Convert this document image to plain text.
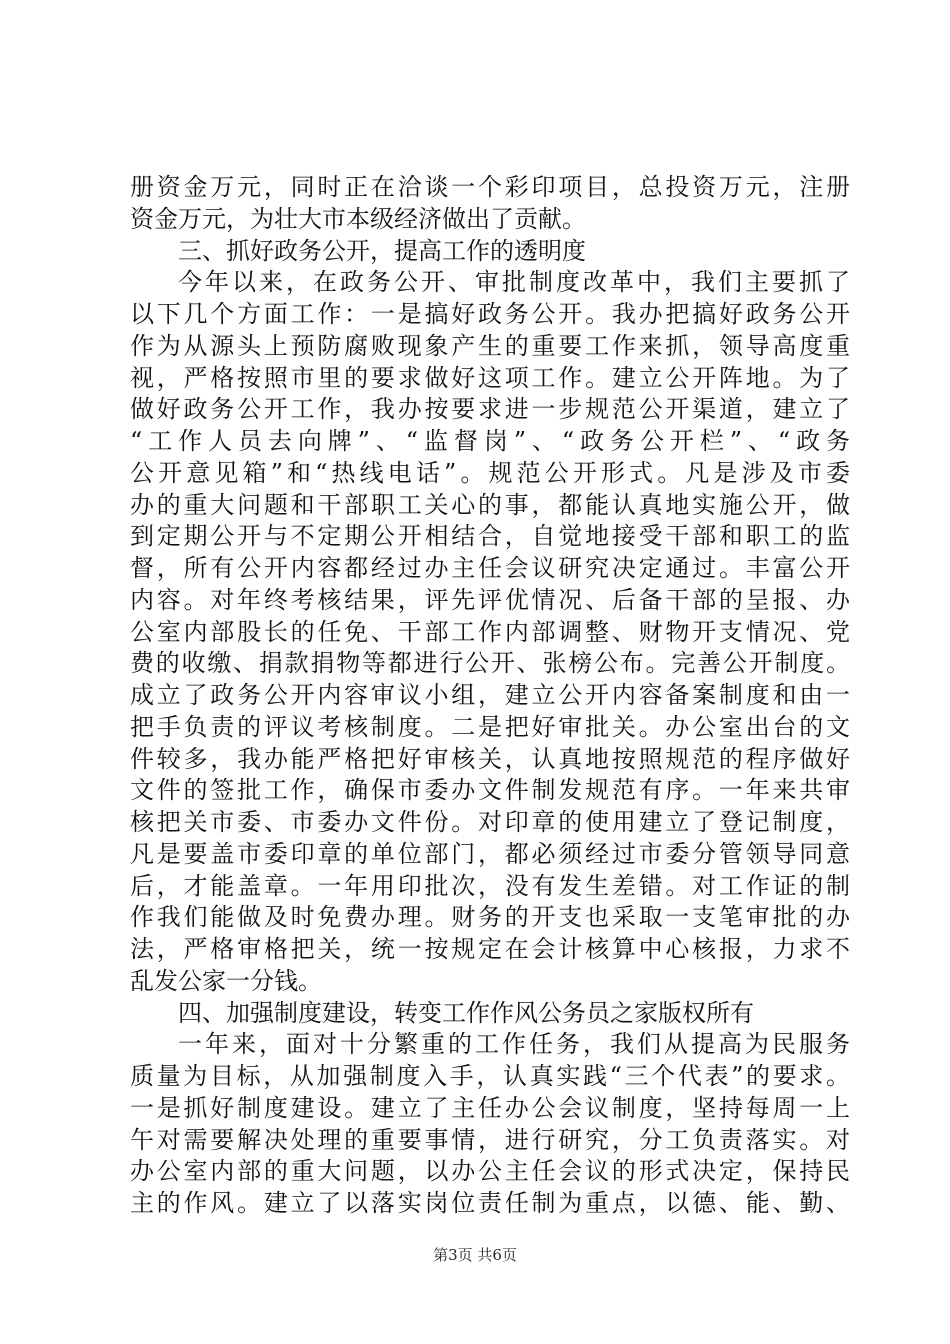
册资金万元，同时正在洽谈一个彩印项目，总投资万元，注册
资金万元，为壮大市本级经济做出了贡献。
三、抓好政务公开，提高工作的透明度
今年以来，在政务公开、审批制度改革中，我们主要抓了
以下几个方面工作：一是搞好政务公开。我办把搞好政务公开
作为从源头上预防腐败现象产生的重要工作来抓，领导高度重
视，严格按照市里的要求做好这项工作。建立公开阵地。为了
做好政务公开工作，我办按要求进一步规范公开渠道，建立了
“工作人员去向牌”、“监督岗”、“政务公开栏”、“政务
公开意见箱”和“热线电话”。规范公开形式。凡是涉及市委
办的重大问题和干部职工关心的事，都能认真地实施公开，做
到定期公开与不定期公开相结合，自觉地接受干部和职工的监
督，所有公开内容都经过办主任会议研究决定通过。丰富公开
内容。对年终考核结果，评先评优情况、后备干部的呈报、办
公室内部股长的任免、干部工作内部调整、财物开支情况、党
费的收缴、捐款捐物等都进行公开、张榜公布。完善公开制度。
成立了政务公开内容审议小组，建立公开内容备案制度和由一
把手负责的评议考核制度。二是把好审批关。办公室出台的文
件较多，我办能严格把好审核关，认真地按照规范的程序做好
文件的签批工作，确保市委办文件制发规范有序。一年来共审
核把关市委、市委办文件份。对印章的使用建立了登记制度，
凡是要盖市委印章的单位部门，都必须经过市委分管领导同意
后，才能盖章。一年用印批次，没有发生差错。对工作证的制
作我们能做及时免费办理。财务的开支也采取一支笔审批的办
法，严格审格把关，统一按规定在会计核算中心核报，力求不
乱发公家一分钱。
四、加强制度建设，转变工作作风公务员之家版权所有
一年来，面对十分繁重的工作任务，我们从提高为民服务
质量为目标，从加强制度入手，认真实践“三个代表”的要求。
一是抓好制度建设。建立了主任办公会议制度，坚持每周一上
午对需要解决处理的重要事情，进行研究，分工负责落实。对
办公室内部的重大问题，以办公主任会议的形式决定，保持民
主的作风。建立了以落实岗位责任制为重点，以德、能、勤、
第3页 共6页
